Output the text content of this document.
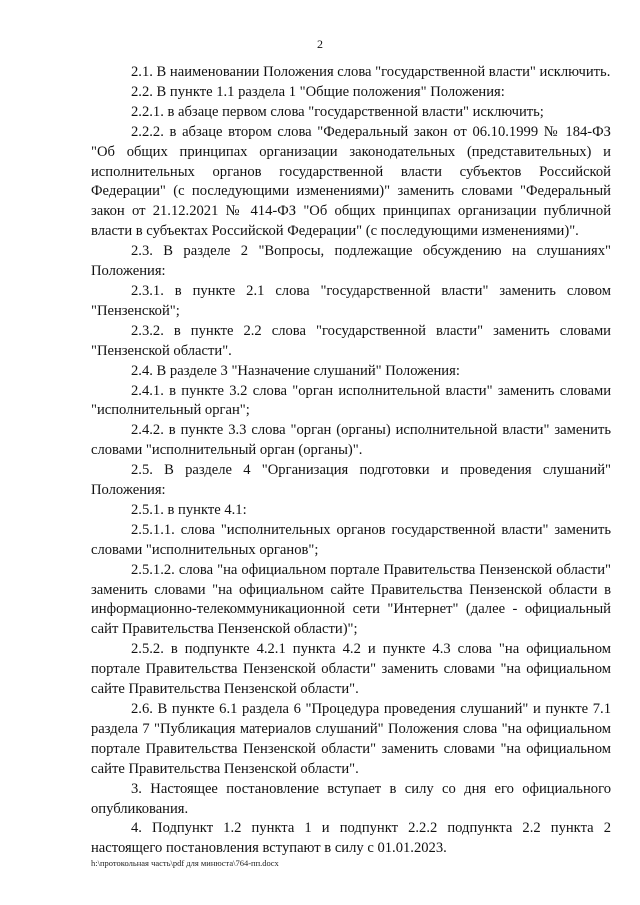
2

2.1. В наименовании Положения слова "государственной власти" исключить.

2.2. В пункте 1.1 раздела 1 "Общие положения" Положения:

2.2.1. в абзаце первом слова "государственной власти" исключить;

2.2.2. в абзаце втором слова "Федеральный закон от 06.10.1999 № 184-ФЗ "Об общих принципах организации законодательных (представительных) и исполнительных органов государственной власти субъектов Российской Федерации" (с последующими изменениями)" заменить словами "Федеральный закон от 21.12.2021 № 414-ФЗ "Об общих принципах организации публичной власти в субъектах Российской Федерации" (с последующими изменениями)".

2.3. В разделе 2 "Вопросы, подлежащие обсуждению на слушаниях" Положения:

2.3.1. в пункте 2.1 слова "государственной власти" заменить словом "Пензенской";

2.3.2. в пункте 2.2 слова "государственной власти" заменить словами "Пензенской области".

2.4. В разделе 3 "Назначение слушаний" Положения:

2.4.1. в пункте 3.2 слова "орган исполнительной власти" заменить словами "исполнительный орган";

2.4.2. в пункте 3.3 слова "орган (органы) исполнительной власти" заменить словами "исполнительный орган (органы)".

2.5. В разделе 4 "Организация подготовки и проведения слушаний" Положения:

2.5.1. в пункте 4.1:

2.5.1.1. слова "исполнительных органов государственной власти" заменить словами "исполнительных органов";

2.5.1.2. слова "на официальном портале Правительства Пензенской области" заменить словами "на официальном сайте Правительства Пензенской области в информационно-телекоммуникационной сети "Интернет" (далее - официальный сайт Правительства Пензенской области)";

2.5.2. в подпункте 4.2.1 пункта 4.2 и пункте 4.3 слова "на официальном портале Правительства Пензенской области" заменить словами "на официальном сайте Правительства Пензенской области".

2.6. В пункте 6.1 раздела 6 "Процедура проведения слушаний" и пункте 7.1 раздела 7 "Публикация материалов слушаний" Положения слова "на официальном портале Правительства Пензенской области" заменить словами "на официальном сайте Правительства Пензенской области".

3. Настоящее постановление вступает в силу со дня его официального опубликования.

4. Подпункт 1.2 пункта 1 и подпункт 2.2.2 подпункта 2.2 пункта 2 настоящего постановления вступают в силу с 01.01.2023.

h:\протокольная часть\pdf для минюста\764-пп.docx
